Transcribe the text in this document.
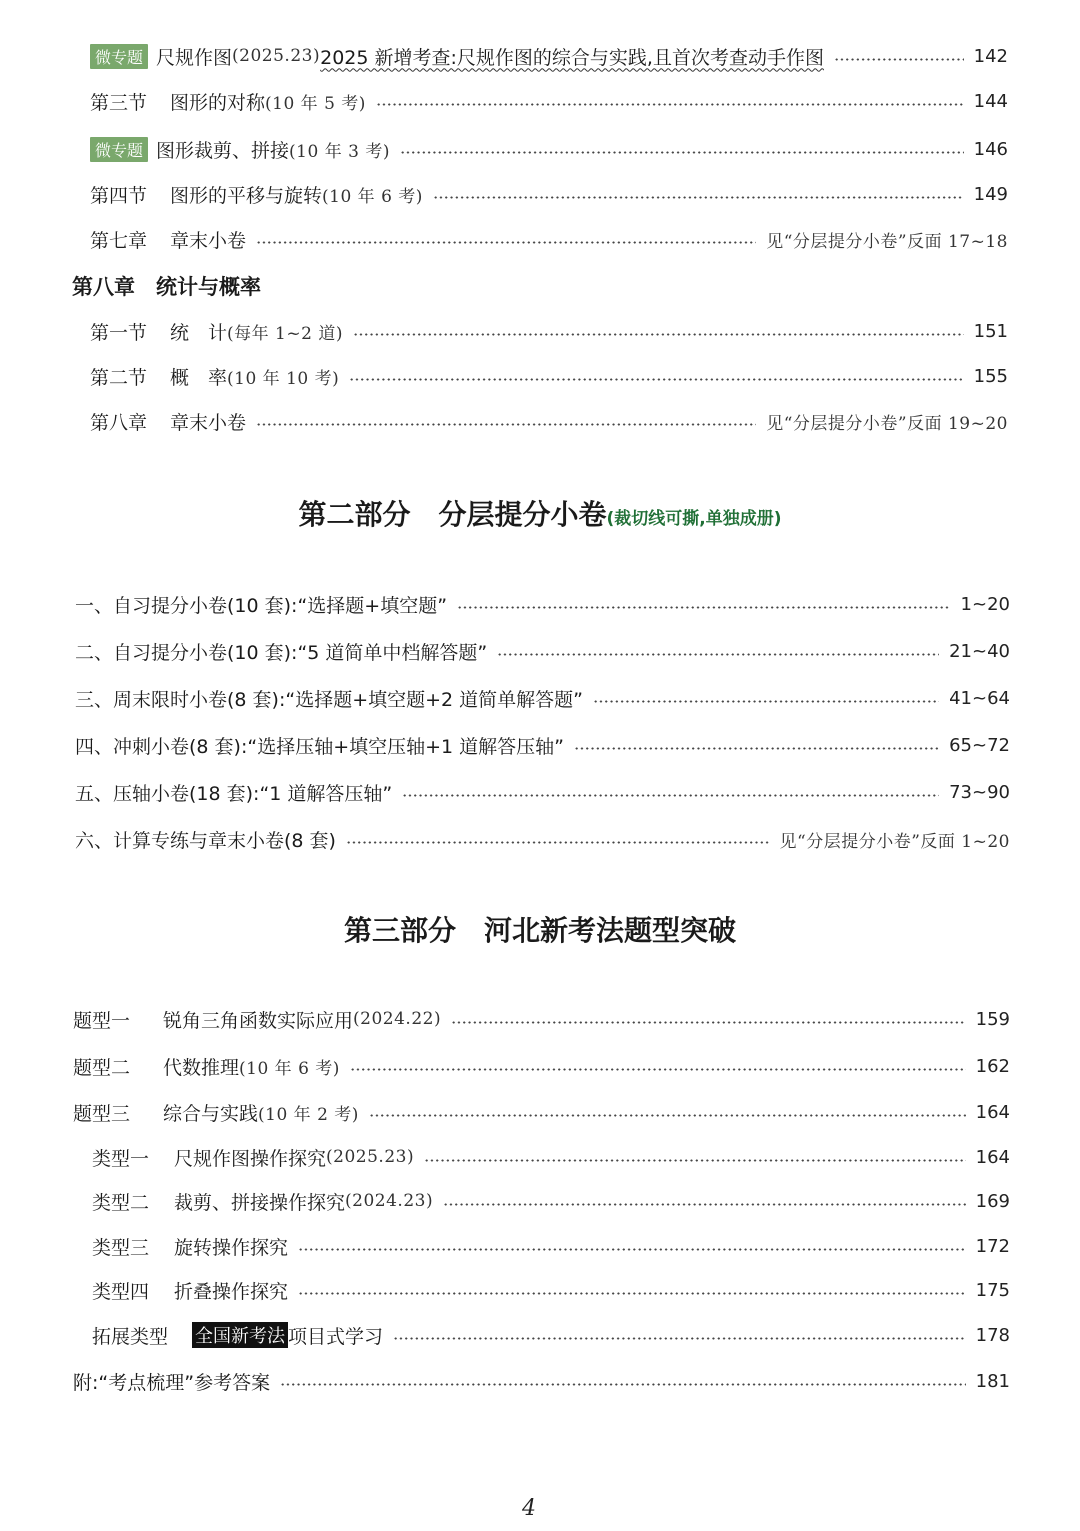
微专题 尺规作图 (2025.23) 2025 新增考查:尺规作图的综合与实践,且首次考查动手作图	142
第三节	图形的对称 (10 年 5 考)	144
微专题 图形裁剪、拼接 (10 年 3 考)	146
第四节	图形的平移与旋转 (10 年 6 考)	149
第七章	章末小卷	见“分层提分小卷”反面 17~18
第八章　统计与概率
第一节	统　计 (每年 1~2 道)	151
第二节	概　率 (10 年 10 考)	155
第八章	章末小卷	见“分层提分小卷”反面 19~20
第二部分　分层提分小卷(裁切线可撕,单独成册)
一、自习提分小卷(10 套):“选择题+填空题”	1~20
二、自习提分小卷(10 套):“5 道简单中档解答题”	21~40
三、周末限时小卷(8 套):“选择题+填空题+2 道简单解答题”	41~64
四、冲刺小卷(8 套):“选择压轴+填空压轴+1 道解答压轴”	65~72
五、压轴小卷(18 套):“1 道解答压轴”	73~90
六、计算专练与章末小卷(8 套)	见“分层提分小卷”反面 1~20
第三部分　河北新考法题型突破
题型一	锐角三角函数实际应用 (2024.22)	159
题型二	代数推理 (10 年 6 考)	162
题型三	综合与实践 (10 年 2 考)	164
类型一	尺规作图操作探究 (2025.23)	164
类型二	裁剪、拼接操作探究 (2024.23)	169
类型三	旋转操作探究	172
类型四	折叠操作探究	175
拓展类型	全国新考法 项目式学习	178
附:“考点梳理”参考答案	181
4
